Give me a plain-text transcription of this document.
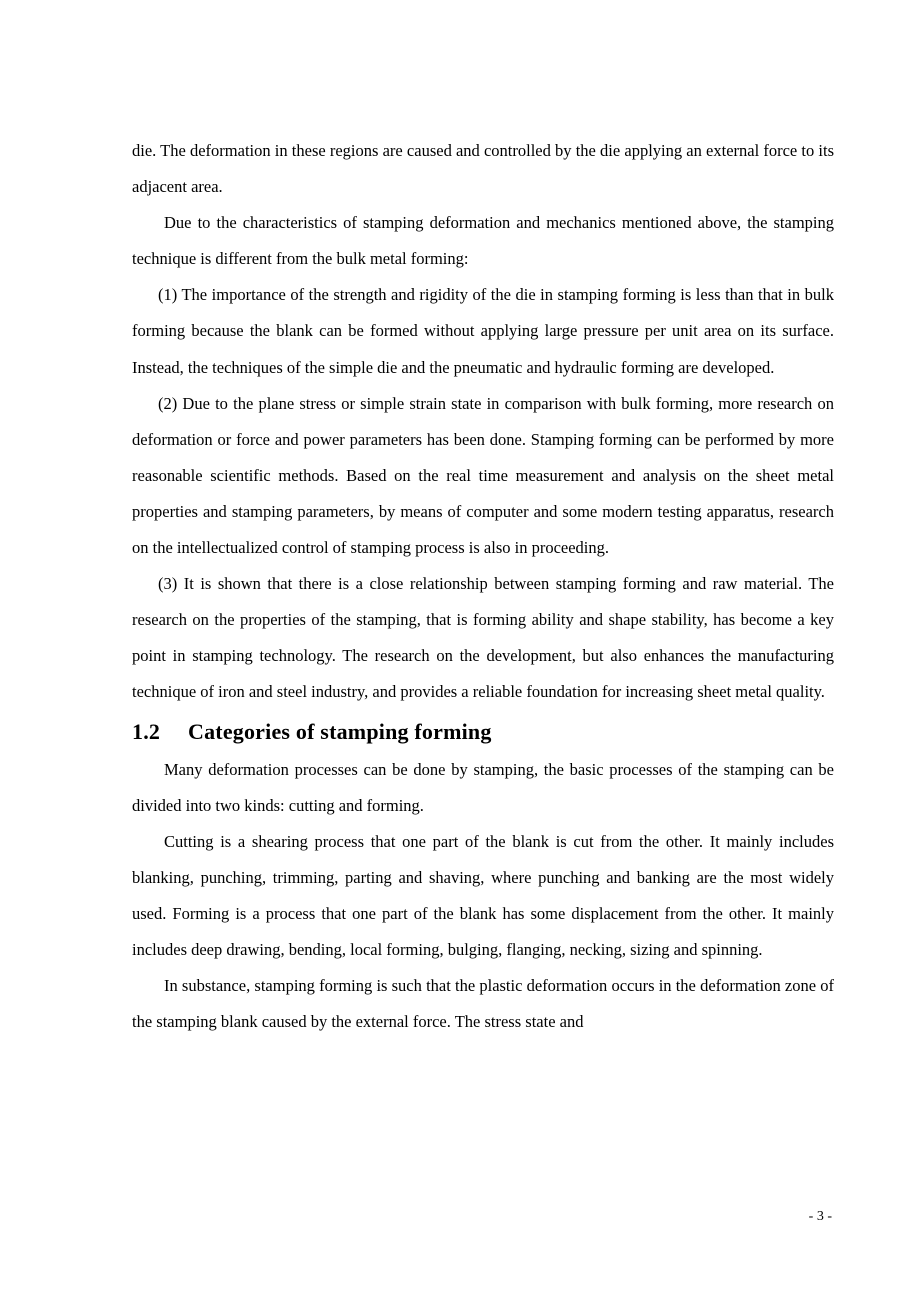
die. The deformation in these regions are caused and controlled by the die applying an external force to its adjacent area.

Due to the characteristics of stamping deformation and mechanics mentioned above, the stamping technique is different from the bulk metal forming:

(1) The importance of the strength and rigidity of the die in stamping forming is less than that in bulk forming because the blank can be formed without applying large pressure per unit area on its surface. Instead, the techniques of the simple die and the pneumatic and hydraulic forming are developed.

(2) Due to the plane stress or simple strain state in comparison with bulk forming, more research on deformation or force and power parameters has been done. Stamping forming can be performed by more reasonable scientific methods. Based on the real time measurement and analysis on the sheet metal properties and stamping parameters, by means of computer and some modern testing apparatus, research on the intellectualized control of stamping process is also in proceeding.

(3) It is shown that there is a close relationship between stamping forming and raw material. The research on the properties of the stamping, that is forming ability and shape stability, has become a key point in stamping technology. The research on the development, but also enhances the manufacturing technique of iron and steel industry, and provides a reliable foundation for increasing sheet metal quality.

1.2 Categories of stamping forming

Many deformation processes can be done by stamping, the basic processes of the stamping can be divided into two kinds: cutting and forming.

Cutting is a shearing process that one part of the blank is cut from the other. It mainly includes blanking, punching, trimming, parting and shaving, where punching and banking are the most widely used. Forming is a process that one part of the blank has some displacement from the other. It mainly includes deep drawing, bending, local forming, bulging, flanging, necking, sizing and spinning.

In substance, stamping forming is such that the plastic deformation occurs in the deformation zone of the stamping blank caused by the external force. The stress state and

- 3 -
